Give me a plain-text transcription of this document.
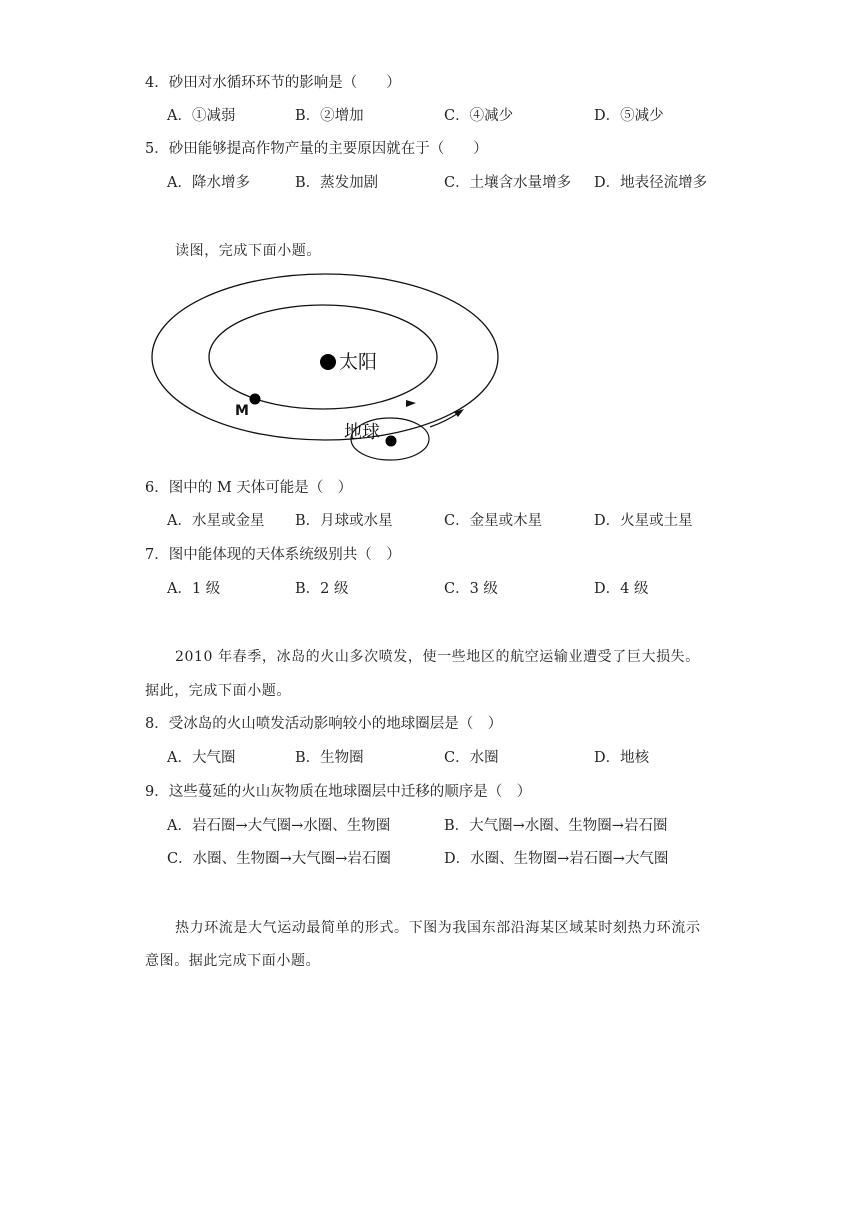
4．砂田对水循环环节的影响是（　　）
A．①减弱	B．②增加	C．④减少	D．⑤减少
5．砂田能够提高作物产量的主要原因就在于（　　）
A．降水增多	B．蒸发加剧	C．土壤含水量增多 D．地表径流增多
读图，完成下面小题。
太阳
M
地球
6．图中的 M 天体可能是（　）
A．水星或金星 B．月球或水星	C．金星或木星	D．火星或土星
7．图中能体现的天体系统级别共（　）
A．1 级	B．2 级	C．3 级	D．4 级
2010 年春季，冰岛的火山多次喷发，使一些地区的航空运输业遭受了巨大损失。
据此，完成下面小题。
8．受冰岛的火山喷发活动影响较小的地球圈层是（　）
A．大气圈	B．生物圈	C．水圈	D．地核
9．这些蔓延的火山灰物质在地球圈层中迁移的顺序是（　）
A．岩石圈→大气圈→水圈、生物圈	B．大气圈→水圈、生物圈→岩石圈
C．水圈、生物圈→大气圈→岩石圈	D．水圈、生物圈→岩石圈→大气圈
热力环流是大气运动最简单的形式。下图为我国东部沿海某区域某时刻热力环流示
意图。据此完成下面小题。
